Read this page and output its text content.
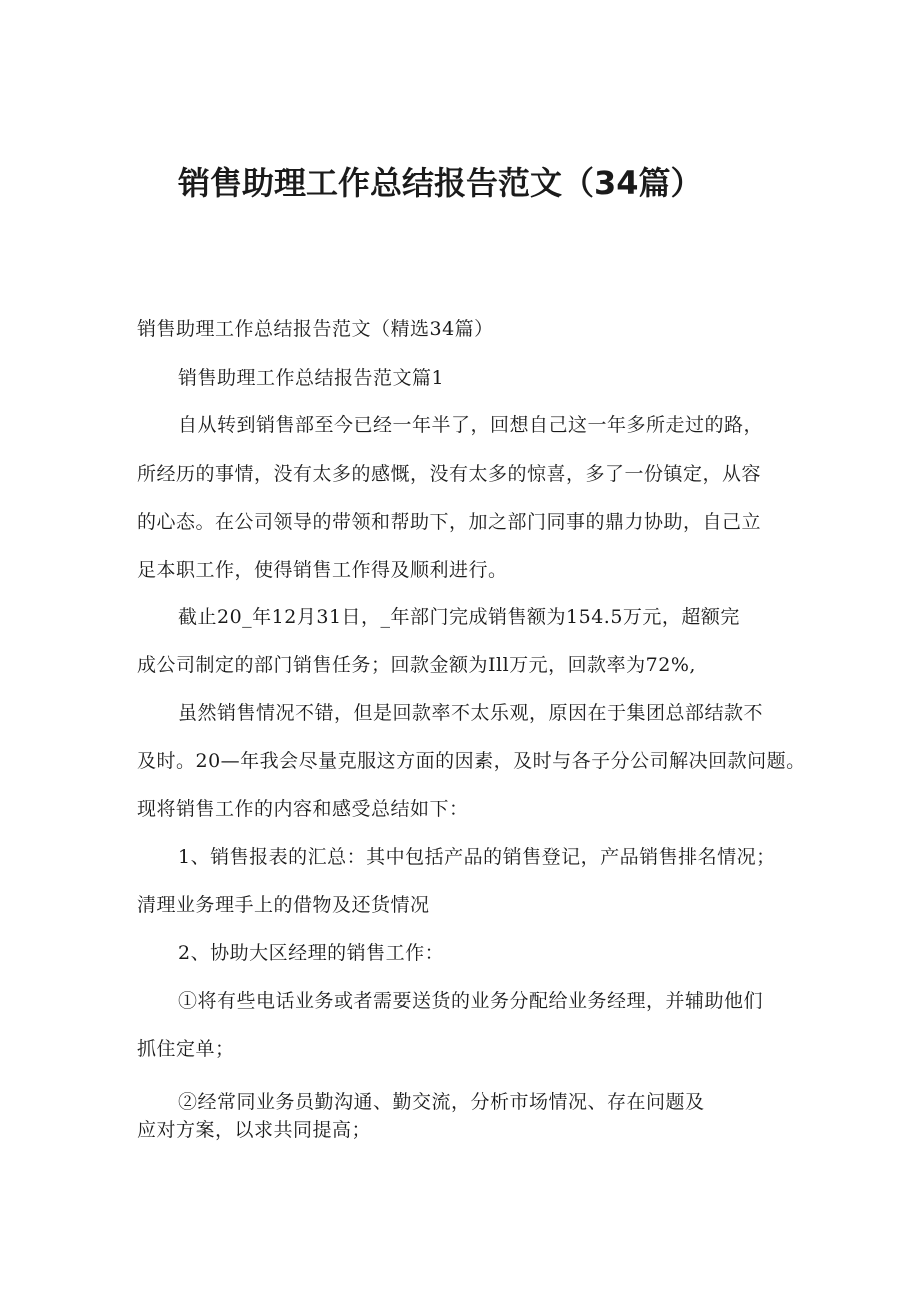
销售助理工作总结报告范文（34篇）
销售助理工作总结报告范文（精选34篇）
销售助理工作总结报告范文篇1
自从转到销售部至今已经一年半了，回想自己这一年多所走过的路，
所经历的事情，没有太多的感慨，没有太多的惊喜，多了一份镇定，从容
的心态。在公司领导的带领和帮助下，加之部门同事的鼎力协助，自己立
足本职工作，使得销售工作得及顺利进行。
截止20_年12月31日，_年部门完成销售额为154.5万元，超额完
成公司制定的部门销售任务；回款金额为Ill万元，回款率为72%,
虽然销售情况不错，但是回款率不太乐观，原因在于集团总部结款不
及时。20—年我会尽量克服这方面的因素，及时与各子分公司解决回款问题。
现将销售工作的内容和感受总结如下：
1、销售报表的汇总：其中包括产品的销售登记，产品销售排名情况；
清理业务理手上的借物及还货情况
2、协助大区经理的销售工作：
①将有些电话业务或者需要送货的业务分配给业务经理，并辅助他们
抓住定单；
②经常同业务员勤沟通、勤交流，分析市场情况、存在问题及
应对方案，以求共同提高；
